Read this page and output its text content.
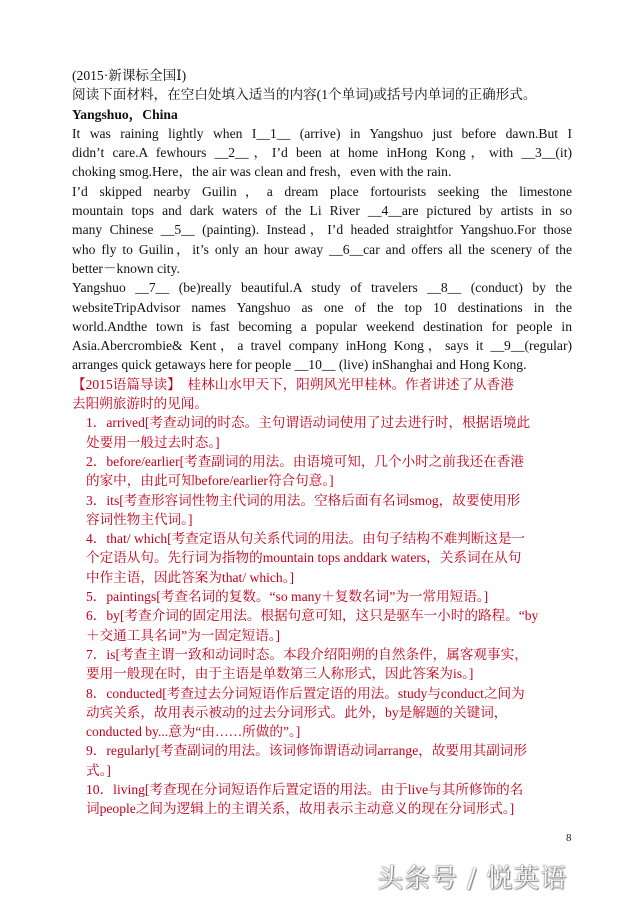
(2015·新课标全国Ⅰ)
阅读下面材料，在空白处填入适当的内容(1个单词)或括号内单词的正确形式。
Yangshuo，China
It was raining lightly when I__1__ (arrive) in Yangshuo just before dawn.But I
didn’t care.A fewhours __2__，I’d been at home inHong Kong，with __3__(it)
choking smog.Here，the air was clean and fresh，even with the rain.
I’d skipped nearby Guilin，a dream place fortourists seeking the limestone
mountain tops and dark waters of the Li River __4__are pictured by artists in so
many Chinese __5__ (painting). Instead，I’d headed straightfor Yangshuo.For those
who fly to Guilin，it’s only an hour away __6__car and offers all the scenery of the
better－known city.
Yangshuo __7__ (be)really beautiful.A study of travelers __8__ (conduct) by the
websiteTripAdvisor names Yangshuo as one of the top 10 destinations in the
world.Andthe town is fast becoming a popular weekend destination for people in
Asia.Abercrombie& Kent，a travel company inHong Kong，says it __9__(regular)
arranges quick getaways here for people __10__ (live) inShanghai and Hong Kong.
【2015语篇导读】　桂林山水甲天下，阳朔风光甲桂林。作者讲述了从香港
去阳朔旅游时的见闻。
1．arrived[考查动词的时态。主句谓语动词使用了过去进行时，根据语境此
处要用一般过去时态。]
2．before/earlier[考查副词的用法。由语境可知，几个小时之前我还在香港
的家中，由此可知before/earlier符合句意。]
3．its[考查形容词性物主代词的用法。空格后面有名词smog，故要使用形
容词性物主代词。]
4．that/ which[考查定语从句关系代词的用法。由句子结构不难判断这是一
个定语从句。先行词为指物的mountain tops anddark waters，关系词在从句
中作主语，因此答案为that/ which。]
5．paintings[考查名词的复数。“so many＋复数名词”为一常用短语。]
6．by[考查介词的固定用法。根据句意可知，这只是驱车一小时的路程。“by
＋交通工具名词”为一固定短语。]
7．is[考查主谓一致和动词时态。本段介绍阳朔的自然条件，属客观事实，
要用一般现在时，由于主语是单数第三人称形式，因此答案为is。]
8．conducted[考查过去分词短语作后置定语的用法。study与conduct之间为
动宾关系，故用表示被动的过去分词形式。此外，by是解题的关键词，
conducted by...意为“由……所做的”。]
9．regularly[考查副词的用法。该词修饰谓语动词arrange，故要用其副词形
式。]
10．living[考查现在分词短语作后置定语的用法。由于live与其所修饰的名
词people之间为逻辑上的主谓关系，故用表示主动意义的现在分词形式。]
8
头条号 / 悦英语
